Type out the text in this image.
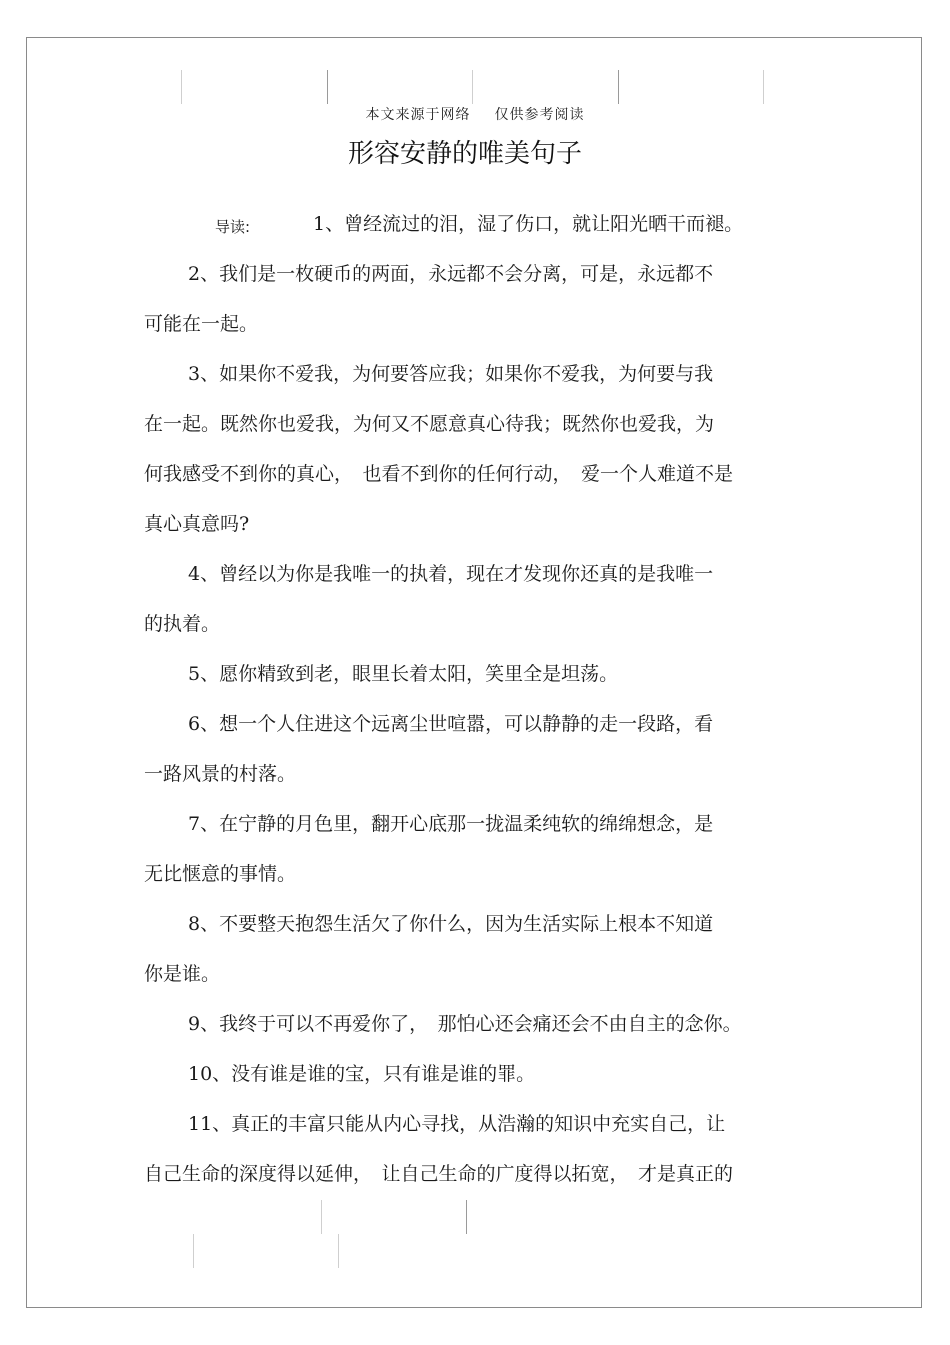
本文来源于网络 仅供参考阅读
形容安静的唯美句子
导读:	1、曾经流过的泪，湿了伤口，就让阳光晒干而褪。
2、我们是一枚硬币的两面，永远都不会分离，可是，永远都不
可能在一起。
3、如果你不爱我，为何要答应我；如果你不爱我，为何要与我
在一起。既然你也爱我，为何又不愿意真心待我；既然你也爱我，为
何我感受不到你的真心，　也看不到你的任何行动，　爱一个人难道不是
真心真意吗?
4、曾经以为你是我唯一的执着，现在才发现你还真的是我唯一
的执着。
5、愿你精致到老，眼里长着太阳，笑里全是坦荡。
6、想一个人住进这个远离尘世喧嚣，可以静静的走一段路，看
一路风景的村落。
7、在宁静的月色里，翻开心底那一拢温柔纯软的绵绵想念，是
无比惬意的事情。
8、不要整天抱怨生活欠了你什么，因为生活实际上根本不知道
你是谁。
9、我终于可以不再爱你了，　那怕心还会痛还会不由自主的念你。
10、没有谁是谁的宝，只有谁是谁的罪。
11、真正的丰富只能从内心寻找，从浩瀚的知识中充实自己，让
自己生命的深度得以延伸，　让自己生命的广度得以拓宽，　才是真正的
